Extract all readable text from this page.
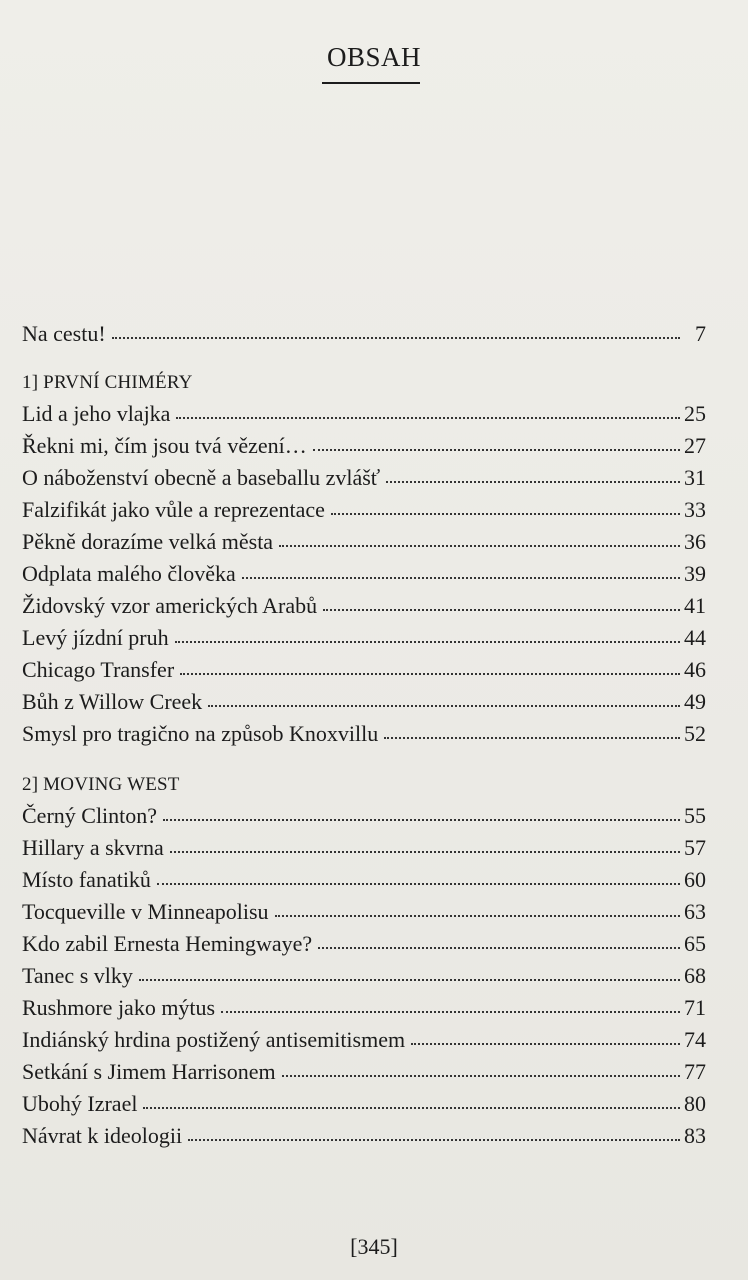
OBSAH
Na cestu!	7
1] PRVNÍ CHIMÉRY
Lid a jeho vlajka	25
Řekni mi, čím jsou tvá vězení…	27
O náboženství obecně a baseballu zvlášť	31
Falzifikát jako vůle a reprezentace	33
Pěkně dorazíme velká města	36
Odplata malého člověka	39
Židovský vzor amerických Arabů	41
Levý jízdní pruh	44
Chicago Transfer	46
Bůh z Willow Creek	49
Smysl pro tragično na způsob Knoxvillu	52
2] MOVING WEST
Černý Clinton?	55
Hillary a skvrna	57
Místo fanatiků	60
Tocqueville v Minneapolisu	63
Kdo zabil Ernesta Hemingwaye?	65
Tanec s vlky	68
Rushmore jako mýtus	71
Indiánský hrdina postižený antisemitismem	74
Setkání s Jimem Harrisonem	77
Ubohý Izrael	80
Návrat k ideologii	83
[345]
